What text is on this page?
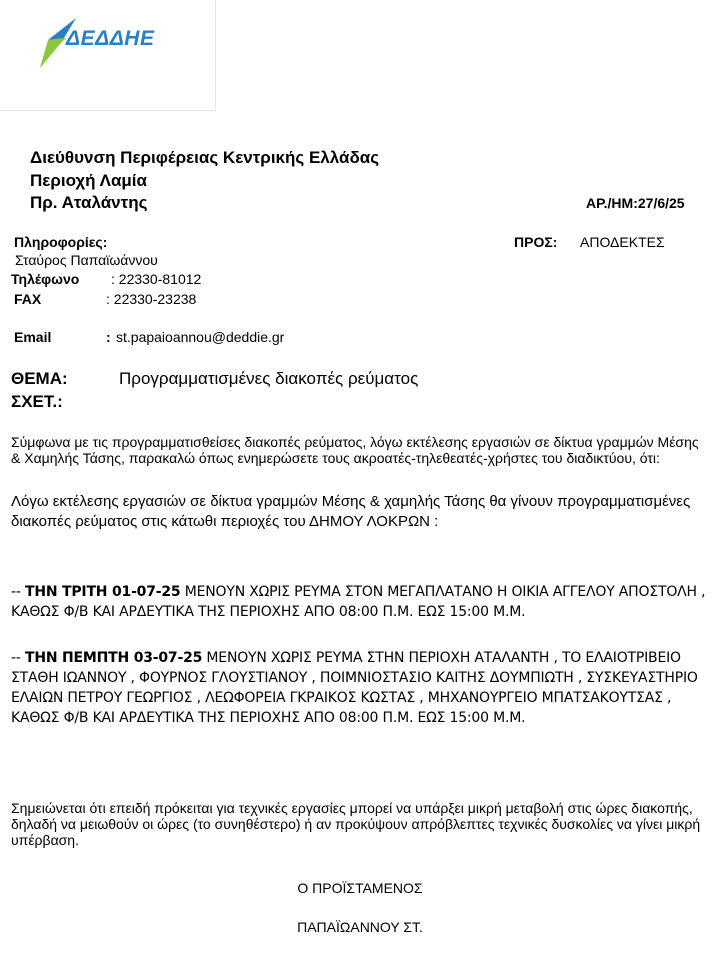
ΔΕΔΔΗΕ
Διεύθυνση Περιφέρειας Κεντρικής Ελλάδας
Περιοχή Λαμία
Πρ. Αταλάντης	ΑΡ./ΗΜ:27/6/25
Πληροφορίες:
Σταύρος Παπαϊωάννου
Τηλέφωνο : 22330-81012
FAX	: 22330-23238
Email	: st.papaioannou@deddie.gr
ΠΡΟΣ: ΑΠΟΔΕΚΤΕΣ
ΘΕΜΑ:	Προγραμματισμένες διακοπές ρεύματος
ΣΧΕΤ.:
Σύμφωνα με τις προγραμματισθείσες διακοπές ρεύματος, λόγω εκτέλεσης εργασιών σε δίκτυα γραμμών Μέσης & Χαμηλής Τάσης, παρακαλώ όπως ενημερώσετε τους ακροατές-τηλεθεατές-χρήστες του διαδικτύου, ότι:
Λόγω εκτέλεσης εργασιών σε δίκτυα γραμμών Μέσης & χαμηλής Τάσης θα γίνουν προγραμματισμένες διακοπές ρεύματος στις κάτωθι περιοχές του ΔΗΜΟΥ ΛΟΚΡΩΝ :
-- ΤΗΝ ΤΡΙΤΗ 01-07-25 ΜΕΝΟΥΝ ΧΩΡΙΣ ΡΕΥΜΑ ΣΤΟΝ ΜΕΓΑΠΛΑΤΑΝΟ Η ΟΙΚΙΑ ΑΓΓΕΛΟΥ ΑΠΟΣΤΟΛΗ , ΚΑΘΩΣ Φ/Β ΚΑΙ ΑΡΔΕΥΤΙΚΑ ΤΗΣ ΠΕΡΙΟΧΗΣ ΑΠΟ 08:00 Π.Μ. ΕΩΣ 15:00 Μ.Μ.
-- ΤΗΝ ΠΕΜΠΤΗ 03-07-25 ΜΕΝΟΥΝ ΧΩΡΙΣ ΡΕΥΜΑ ΣΤΗΝ ΠΕΡΙΟΧΗ ΑΤΑΛΑΝΤΗ , ΤΟ ΕΛΑΙΟΤΡΙΒΕΙΟ ΣΤΑΘΗ ΙΩΑΝΝΟΥ , ΦΟΥΡΝΟΣ ΓΛΟΥΣΤΙΑΝΟΥ , ΠΟΙΜΝΙΟΣΤΑΣΙΟ ΚΑΙΤΗΣ ΔΟΥΜΠΙΩΤΗ , ΣΥΣΚΕΥΑΣΤΗΡΙΟ ΕΛΑΙΩΝ ΠΕΤΡΟΥ ΓΕΩΡΓΙΟΣ , ΛΕΩΦΟΡΕΙΑ ΓΚΡΑΙΚΟΣ ΚΩΣΤΑΣ , ΜΗΧΑΝΟΥΡΓΕΙΟ ΜΠΑΤΣΑΚΟΥΤΣΑΣ , ΚΑΘΩΣ Φ/Β ΚΑΙ ΑΡΔΕΥΤΙΚΑ ΤΗΣ ΠΕΡΙΟΧΗΣ ΑΠΟ 08:00 Π.Μ. ΕΩΣ 15:00 Μ.Μ.
Σημειώνεται ότι επειδή πρόκειται για τεχνικές εργασίες μπορεί να υπάρξει μικρή μεταβολή στις ώρες διακοπής, δηλαδή να μειωθούν οι ώρες (το συνηθέστερο) ή αν προκύψουν απρόβλεπτες τεχνικές δυσκολίες να γίνει μικρή υπέρβαση.
Ο ΠΡΟΪΣΤΑΜΕΝΟΣ
ΠΑΠΑΪΩΑΝΝΟΥ ΣΤ.
